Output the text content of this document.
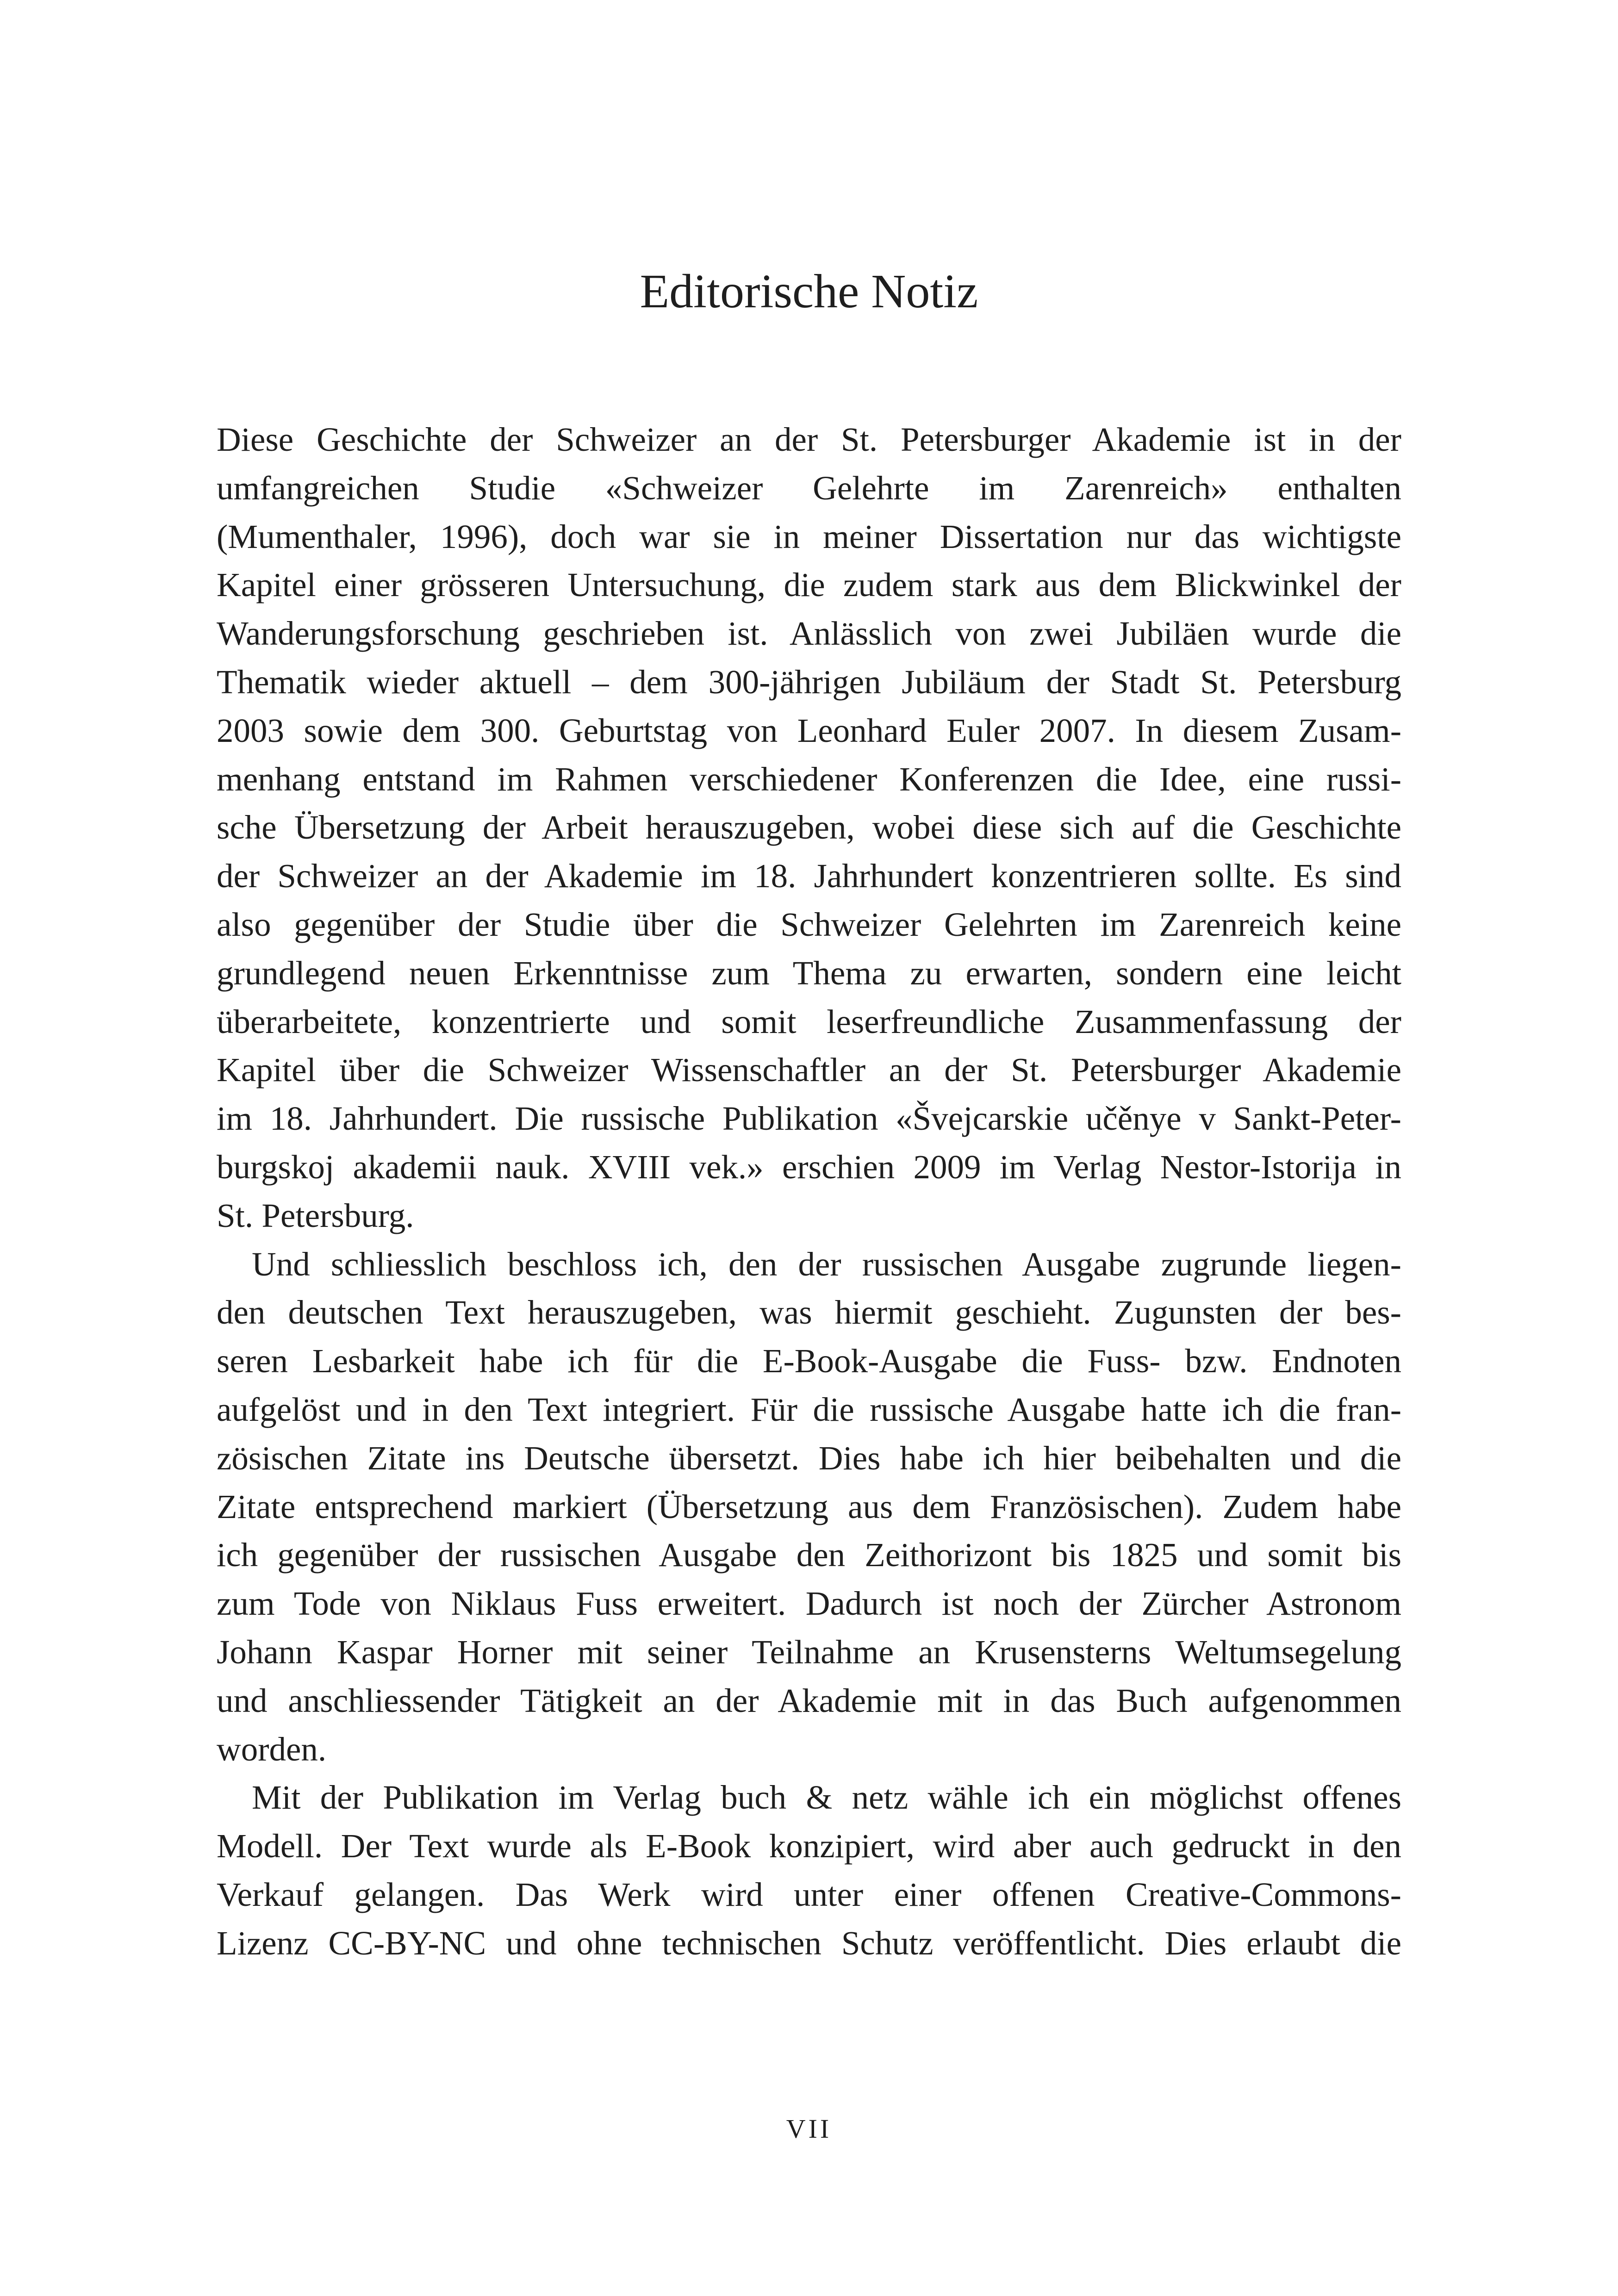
Editorische Notiz
Diese Geschichte der Schweizer an der St. Petersburger Akademie ist in der
umfangreichen Studie «Schweizer Gelehrte im Zarenreich» enthalten
(Mumenthaler, 1996), doch war sie in meiner Dissertation nur das wichtigste
Kapitel einer grösseren Untersuchung, die zudem stark aus dem Blickwinkel der
Wanderungsforschung geschrieben ist. Anlässlich von zwei Jubiläen wurde die
Thematik wieder aktuell – dem 300-jährigen Jubiläum der Stadt St. Petersburg
2003 sowie dem 300. Geburtstag von Leonhard Euler 2007. In diesem Zusam-
menhang entstand im Rahmen verschiedener Konferenzen die Idee, eine russi-
sche Übersetzung der Arbeit herauszugeben, wobei diese sich auf die Geschichte
der Schweizer an der Akademie im 18. Jahrhundert konzentrieren sollte. Es sind
also gegenüber der Studie über die Schweizer Gelehrten im Zarenreich keine
grundlegend neuen Erkenntnisse zum Thema zu erwarten, sondern eine leicht
überarbeitete, konzentrierte und somit leserfreundliche Zusammenfassung der
Kapitel über die Schweizer Wissenschaftler an der St. Petersburger Akademie
im 18. Jahrhundert. Die russische Publikation «Švejcarskie učěnye v Sankt-Peter-
burgskoj akademii nauk. XVIII vek.» erschien 2009 im Verlag Nestor-Istorija in
St. Petersburg.
Und schliesslich beschloss ich, den der russischen Ausgabe zugrunde liegen-
den deutschen Text herauszugeben, was hiermit geschieht. Zugunsten der bes-
seren Lesbarkeit habe ich für die E-Book-Ausgabe die Fuss- bzw. Endnoten
aufgelöst und in den Text integriert. Für die russische Ausgabe hatte ich die fran-
zösischen Zitate ins Deutsche übersetzt. Dies habe ich hier beibehalten und die
Zitate entsprechend markiert (Übersetzung aus dem Französischen). Zudem habe
ich gegenüber der russischen Ausgabe den Zeithorizont bis 1825 und somit bis
zum Tode von Niklaus Fuss erweitert. Dadurch ist noch der Zürcher Astronom
Johann Kaspar Horner mit seiner Teilnahme an Krusensterns Weltumsegelung
und anschliessender Tätigkeit an der Akademie mit in das Buch aufgenommen
worden.
Mit der Publikation im Verlag buch & netz wähle ich ein möglichst offenes
Modell. Der Text wurde als E-Book konzipiert, wird aber auch gedruckt in den
Verkauf gelangen. Das Werk wird unter einer offenen Creative-Commons-
Lizenz CC-BY-NC und ohne technischen Schutz veröffentlicht. Dies erlaubt die
VII
